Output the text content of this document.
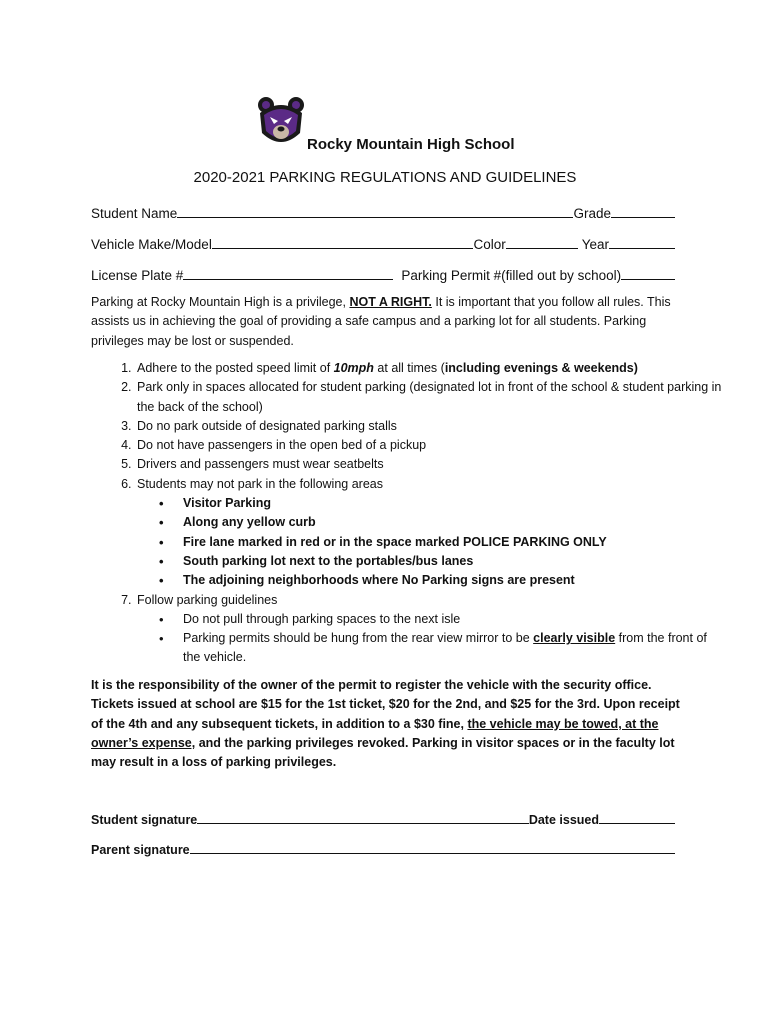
Rocky Mountain High School
2020-2021 PARKING REGULATIONS AND GUIDELINES
Student Name	Grade
Vehicle Make/Model	Color	Year
License Plate #	Parking Permit #(filled out by school)

Parking at Rocky Mountain High is a privilege, NOT A RIGHT. It is important that you follow all rules. This assists us in achieving the goal of providing a safe campus and a parking lot for all students. Parking privileges may be lost or suspended.

1. Adhere to the posted speed limit of 10mph at all times (including evenings & weekends)
2. Park only in spaces allocated for student parking (designated lot in front of the school & student parking in the back of the school)
3. Do no park outside of designated parking stalls
4. Do not have passengers in the open bed of a pickup
5. Drivers and passengers must wear seatbelts
6. Students may not park in the following areas
• Visitor Parking
• Along any yellow curb
• Fire lane marked in red or in the space marked POLICE PARKING ONLY
• South parking lot next to the portables/bus lanes
• The adjoining neighborhoods where No Parking signs are present
7. Follow parking guidelines
• Do not pull through parking spaces to the next isle
• Parking permits should be hung from the rear view mirror to be clearly visible from the front of the vehicle.

It is the responsibility of the owner of the permit to register the vehicle with the security office. Tickets issued at school are $15 for the 1st ticket, $20 for the 2nd, and $25 for the 3rd. Upon receipt of the 4th and any subsequent tickets, in addition to a $30 fine, the vehicle may be towed, at the owner’s expense, and the parking privileges revoked. Parking in visitor spaces or in the faculty lot may result in a loss of parking privileges.

Student signature	Date issued
Parent signature
